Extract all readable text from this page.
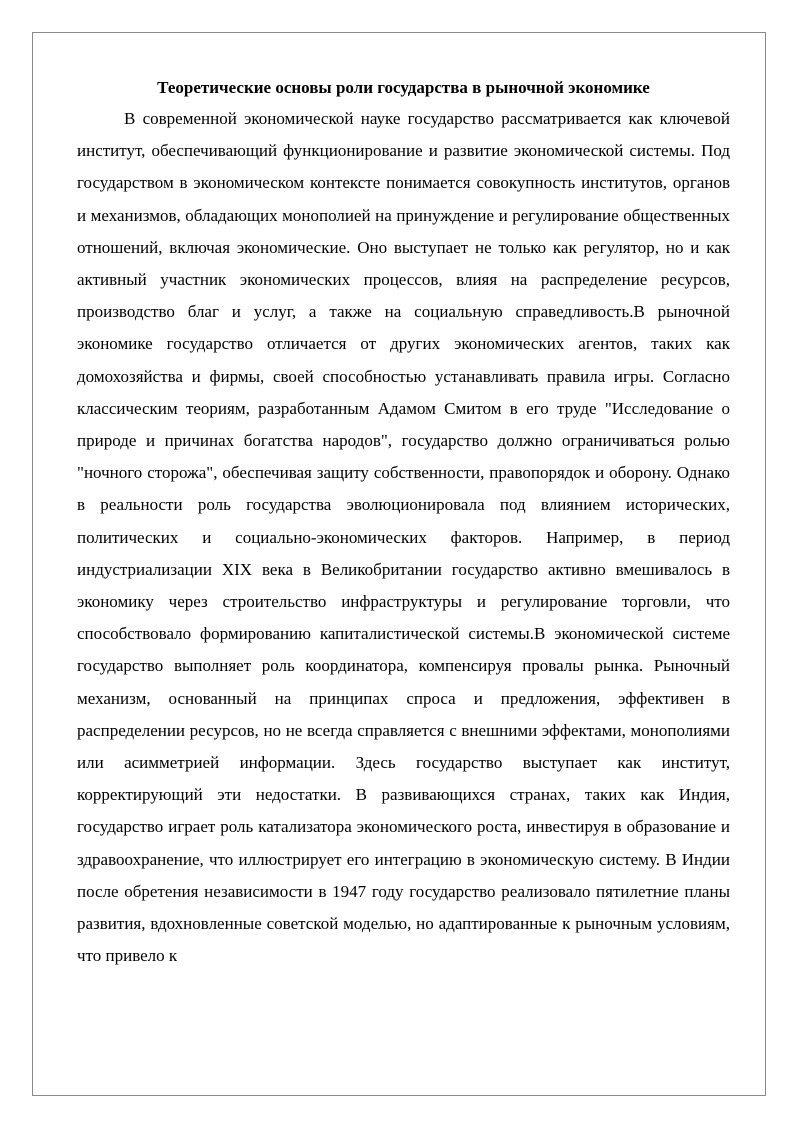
Теоретические основы роли государства в рыночной экономике

В современной экономической науке государство рассматривается как ключевой институт, обеспечивающий функционирование и развитие экономической системы. Под государством в экономическом контексте понимается совокупность институтов, органов и механизмов, обладающих монополией на принуждение и регулирование общественных отношений, включая экономические. Оно выступает не только как регулятор, но и как активный участник экономических процессов, влияя на распределение ресурсов, производство благ и услуг, а также на социальную справедливость.В рыночной экономике государство отличается от других экономических агентов, таких как домохозяйства и фирмы, своей способностью устанавливать правила игры. Согласно классическим теориям, разработанным Адамом Смитом в его труде "Исследование о природе и причинах богатства народов", государство должно ограничиваться ролью "ночного сторожа", обеспечивая защиту собственности, правопорядок и оборону. Однако в реальности роль государства эволюционировала под влиянием исторических, политических и социально-экономических факторов. Например, в период индустриализации XIX века в Великобритании государство активно вмешивалось в экономику через строительство инфраструктуры и регулирование торговли, что способствовало формированию капиталистической системы.В экономической системе государство выполняет роль координатора, компенсируя провалы рынка. Рыночный механизм, основанный на принципах спроса и предложения, эффективен в распределении ресурсов, но не всегда справляется с внешними эффектами, монополиями или асимметрией информации. Здесь государство выступает как институт, корректирующий эти недостатки. В развивающихся странах, таких как Индия, государство играет роль катализатора экономического роста, инвестируя в образование и здравоохранение, что иллюстрирует его интеграцию в экономическую систему. В Индии после обретения независимости в 1947 году государство реализовало пятилетние планы развития, вдохновленные советской моделью, но адаптированные к рыночным условиям, что привело к
